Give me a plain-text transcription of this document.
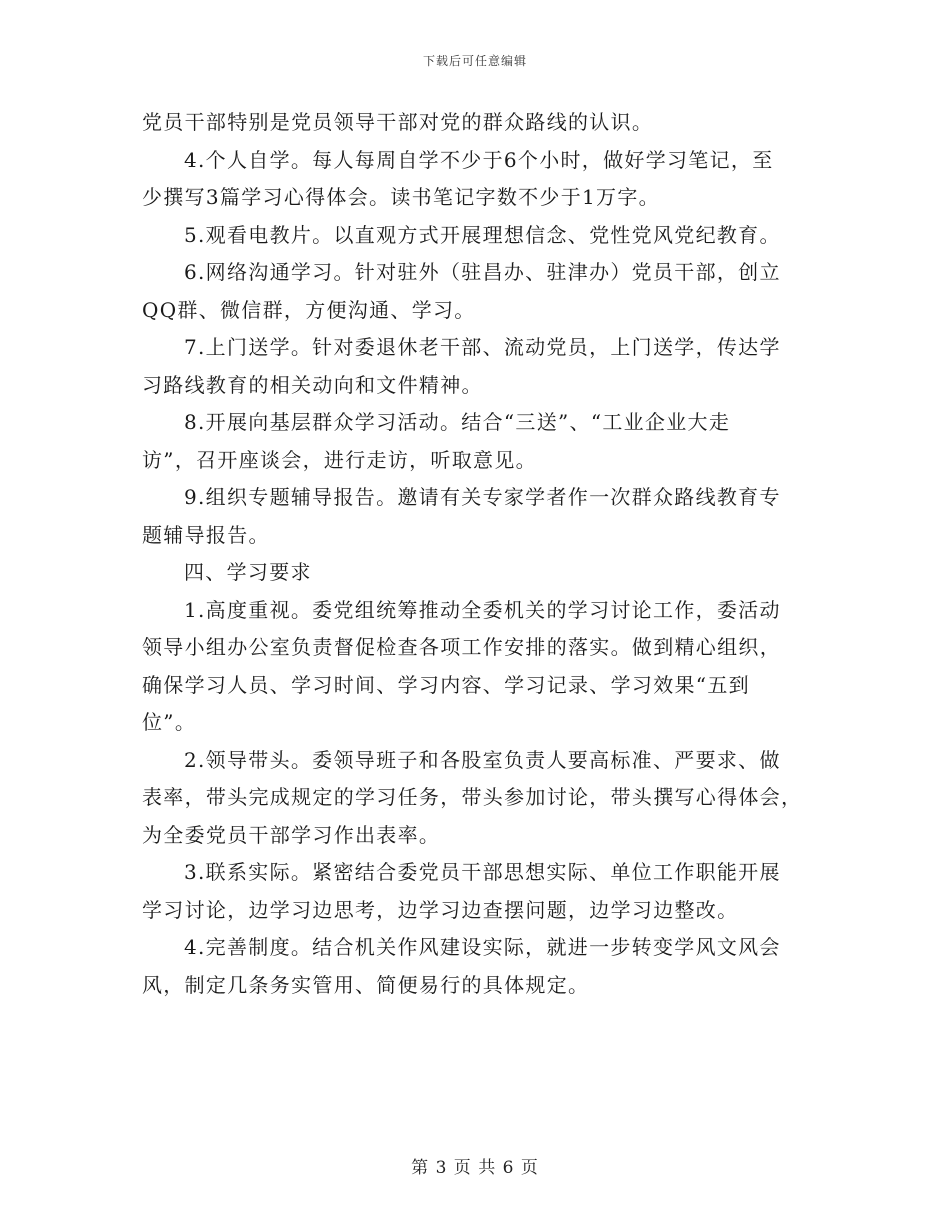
下载后可任意编辑
党员干部特别是党员领导干部对党的群众路线的认识。
4.个人自学。每人每周自学不少于6个小时，做好学习笔记，至
少撰写3篇学习心得体会。读书笔记字数不少于1万字。
5.观看电教片。以直观方式开展理想信念、党性党风党纪教育。
6.网络沟通学习。针对驻外（驻昌办、驻津办）党员干部，创立
QQ群、微信群，方便沟通、学习。
7.上门送学。针对委退休老干部、流动党员，上门送学，传达学
习路线教育的相关动向和文件精神。
8.开展向基层群众学习活动。结合“三送”、“工业企业大走
访”，召开座谈会，进行走访，听取意见。
9.组织专题辅导报告。邀请有关专家学者作一次群众路线教育专
题辅导报告。
四、学习要求
1.高度重视。委党组统筹推动全委机关的学习讨论工作，委活动
领导小组办公室负责督促检查各项工作安排的落实。做到精心组织，
确保学习人员、学习时间、学习内容、学习记录、学习效果“五到
位”。
2.领导带头。委领导班子和各股室负责人要高标准、严要求、做
表率，带头完成规定的学习任务，带头参加讨论，带头撰写心得体会，
为全委党员干部学习作出表率。
3.联系实际。紧密结合委党员干部思想实际、单位工作职能开展
学习讨论，边学习边思考，边学习边查摆问题，边学习边整改。
4.完善制度。结合机关作风建设实际，就进一步转变学风文风会
风，制定几条务实管用、简便易行的具体规定。
第 3 页 共 6 页
